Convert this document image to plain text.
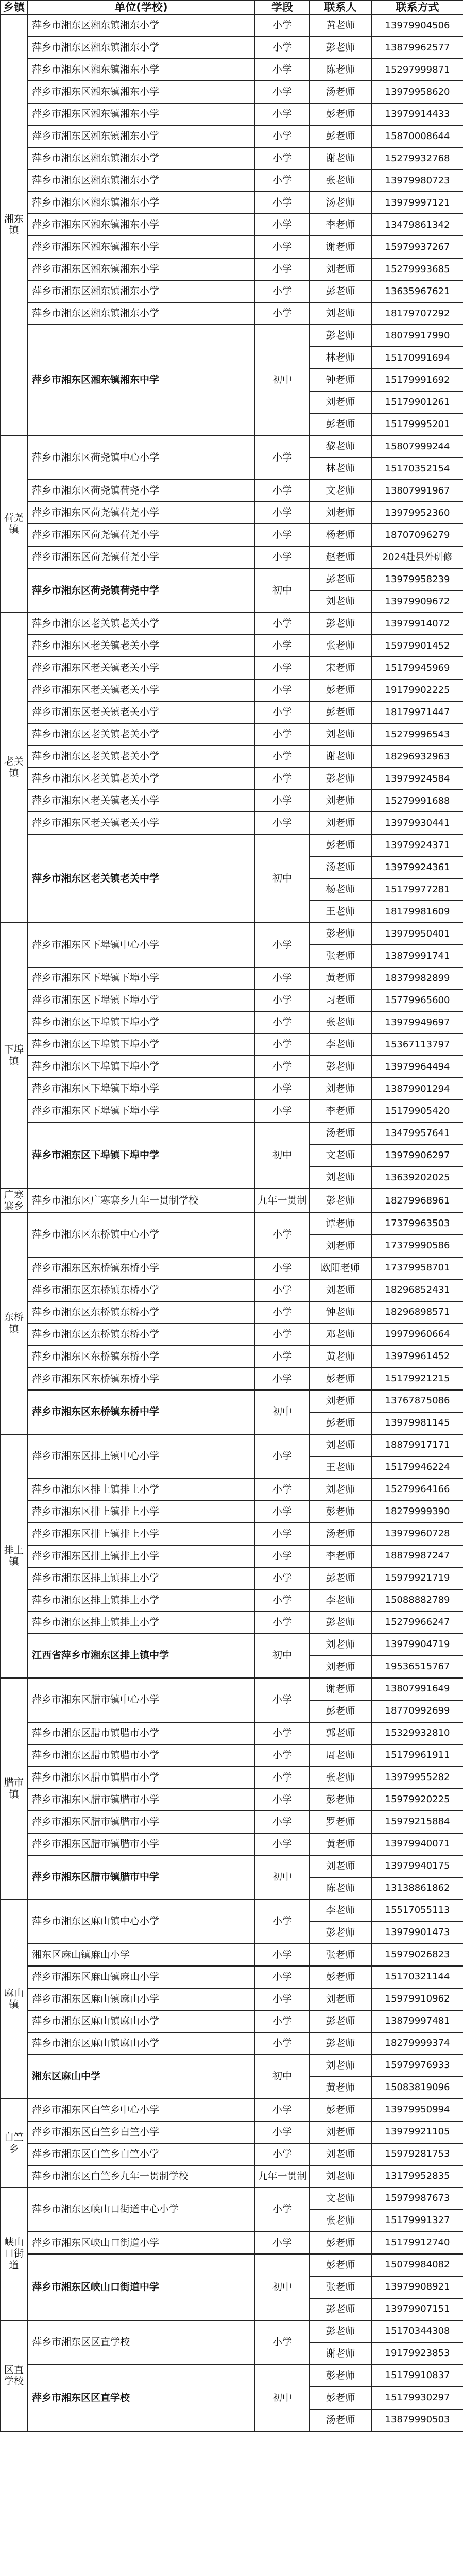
乡镇	单位(学校)	学段	联系人	联系方式
湘东镇	萍乡市湘东区湘东镇湘东小学	小学	黄老师	13979904506
	萍乡市湘东区湘东镇湘东小学	小学	彭老师	13879962577
	萍乡市湘东区湘东镇湘东小学	小学	陈老师	15297999871
	萍乡市湘东区湘东镇湘东小学	小学	汤老师	13979958620
	萍乡市湘东区湘东镇湘东小学	小学	彭老师	13979914433
	萍乡市湘东区湘东镇湘东小学	小学	彭老师	15870008644
	萍乡市湘东区湘东镇湘东小学	小学	谢老师	15279932768
	萍乡市湘东区湘东镇湘东小学	小学	张老师	13979980723
	萍乡市湘东区湘东镇湘东小学	小学	汤老师	13979997121
	萍乡市湘东区湘东镇湘东小学	小学	李老师	13479861342
	萍乡市湘东区湘东镇湘东小学	小学	谢老师	15979937267
	萍乡市湘东区湘东镇湘东小学	小学	刘老师	15279993685
	萍乡市湘东区湘东镇湘东小学	小学	彭老师	13635967621
	萍乡市湘东区湘东镇湘东小学	小学	刘老师	18179707292
	萍乡市湘东区湘东镇湘东中学	初中	彭老师	18079917990
			林老师	15170991694
			钟老师	15179991692
			刘老师	15179901261
			彭老师	15179995201
荷尧镇	萍乡市湘东区荷尧镇中心小学	小学	黎老师	15807999244
			林老师	15170352154
	萍乡市湘东区荷尧镇荷尧小学	小学	文老师	13807991967
	萍乡市湘东区荷尧镇荷尧小学	小学	刘老师	13979952360
	萍乡市湘东区荷尧镇荷尧小学	小学	杨老师	18707096279
	萍乡市湘东区荷尧镇荷尧小学	小学	赵老师	2024赴县外研修
	萍乡市湘东区荷尧镇荷尧中学	初中	彭老师	13979958239
			刘老师	13979909672
老关镇	萍乡市湘东区老关镇老关小学	小学	彭老师	13979914072
	萍乡市湘东区老关镇老关小学	小学	张老师	15979901452
	萍乡市湘东区老关镇老关小学	小学	宋老师	15179945969
	萍乡市湘东区老关镇老关小学	小学	彭老师	19179902225
	萍乡市湘东区老关镇老关小学	小学	彭老师	18179971447
	萍乡市湘东区老关镇老关小学	小学	刘老师	15279996543
	萍乡市湘东区老关镇老关小学	小学	谢老师	18296932963
	萍乡市湘东区老关镇老关小学	小学	彭老师	13979924584
	萍乡市湘东区老关镇老关小学	小学	刘老师	15279991688
	萍乡市湘东区老关镇老关小学	小学	刘老师	13979930441
	萍乡市湘东区老关镇老关中学	初中	彭老师	13979924371
			汤老师	13979924361
			杨老师	15179977281
			王老师	18179981609
下埠镇	萍乡市湘东区下埠镇中心小学	小学	彭老师	13979950401
			张老师	13879991741
	萍乡市湘东区下埠镇下埠小学	小学	黄老师	18379982899
	萍乡市湘东区下埠镇下埠小学	小学	习老师	15779965600
	萍乡市湘东区下埠镇下埠小学	小学	张老师	13979949697
	萍乡市湘东区下埠镇下埠小学	小学	李老师	15367113797
	萍乡市湘东区下埠镇下埠小学	小学	彭老师	13979964494
	萍乡市湘东区下埠镇下埠小学	小学	刘老师	13879901294
	萍乡市湘东区下埠镇下埠小学	小学	李老师	15179905420
	萍乡市湘东区下埠镇下埠中学	初中	汤老师	13479957641
			文老师	13979906297
			刘老师	13639202025
广寒寨乡	萍乡市湘东区广寒寨乡九年一贯制学校	九年一贯制	彭老师	18279968961
东桥镇	萍乡市湘东区东桥镇中心小学	小学	谭老师	17379963503
			刘老师	17379990586
	萍乡市湘东区东桥镇东桥小学	小学	欧阳老师	17379958701
	萍乡市湘东区东桥镇东桥小学	小学	刘老师	18296852431
	萍乡市湘东区东桥镇东桥小学	小学	钟老师	18296898571
	萍乡市湘东区东桥镇东桥小学	小学	邓老师	19979960664
	萍乡市湘东区东桥镇东桥小学	小学	黄老师	13979961452
	萍乡市湘东区东桥镇东桥小学	小学	彭老师	15179921215
	萍乡市湘东区东桥镇东桥中学	初中	刘老师	13767875086
			彭老师	13979981145
排上镇	萍乡市湘东区排上镇中心小学	小学	刘老师	18879917171
			王老师	15179946224
	萍乡市湘东区排上镇排上小学	小学	刘老师	15279964166
	萍乡市湘东区排上镇排上小学	小学	彭老师	18279999390
	萍乡市湘东区排上镇排上小学	小学	汤老师	13979960728
	萍乡市湘东区排上镇排上小学	小学	李老师	18879987247
	萍乡市湘东区排上镇排上小学	小学	彭老师	15979921719
	萍乡市湘东区排上镇排上小学	小学	李老师	15088882789
	萍乡市湘东区排上镇排上小学	小学	彭老师	15279966247
	江西省萍乡市湘东区排上镇中学	初中	刘老师	13979904719
			刘老师	19536515767
腊市镇	萍乡市湘东区腊市镇中心小学	小学	谢老师	13807991649
			彭老师	18770992699
	萍乡市湘东区腊市镇腊市小学	小学	郭老师	15329932810
	萍乡市湘东区腊市镇腊市小学	小学	周老师	15179961911
	萍乡市湘东区腊市镇腊市小学	小学	张老师	13979955282
	萍乡市湘东区腊市镇腊市小学	小学	彭老师	15979920225
	萍乡市湘东区腊市镇腊市小学	小学	罗老师	15979215884
	萍乡市湘东区腊市镇腊市小学	小学	黄老师	13979940071
	萍乡市湘东区腊市镇腊市中学	初中	刘老师	13979940175
			陈老师	13138861862
麻山镇	萍乡市湘东区麻山镇中心小学	小学	李老师	15517055113
			彭老师	13979901473
	湘东区麻山镇麻山小学	小学	张老师	15979026823
	萍乡市湘东区麻山镇麻山小学	小学	彭老师	15170321144
	萍乡市湘东区麻山镇麻山小学	小学	刘老师	15979910962
	萍乡市湘东区麻山镇麻山小学	小学	彭老师	13879997481
	萍乡市湘东区麻山镇麻山小学	小学	彭老师	18279999374
	湘东区麻山中学	初中	刘老师	15979976933
			黄老师	15083819096
白竺乡	萍乡市湘东区白竺乡中心小学	小学	彭老师	13979950994
	萍乡市湘东区白竺乡白竺小学	小学	刘老师	13979921105
	萍乡市湘东区白竺乡白竺小学	小学	刘老师	15979281753
	萍乡市湘东区白竺乡九年一贯制学校	九年一贯制	刘老师	13179952835
峡山口街道	萍乡市湘东区峡山口街道中心小学	小学	文老师	15979987673
			张老师	15179991327
	萍乡市湘东区峡山口街道小学	小学	彭老师	15179912740
	萍乡市湘东区峡山口街道中学	初中	彭老师	15079984082
			张老师	13979908921
			彭老师	13979907151
区直学校	萍乡市湘东区区直学校	小学	彭老师	15170344308
			谢老师	19179923853
	萍乡市湘东区区直学校	初中	彭老师	15179910837
			彭老师	15179930297
			汤老师	13879990503
